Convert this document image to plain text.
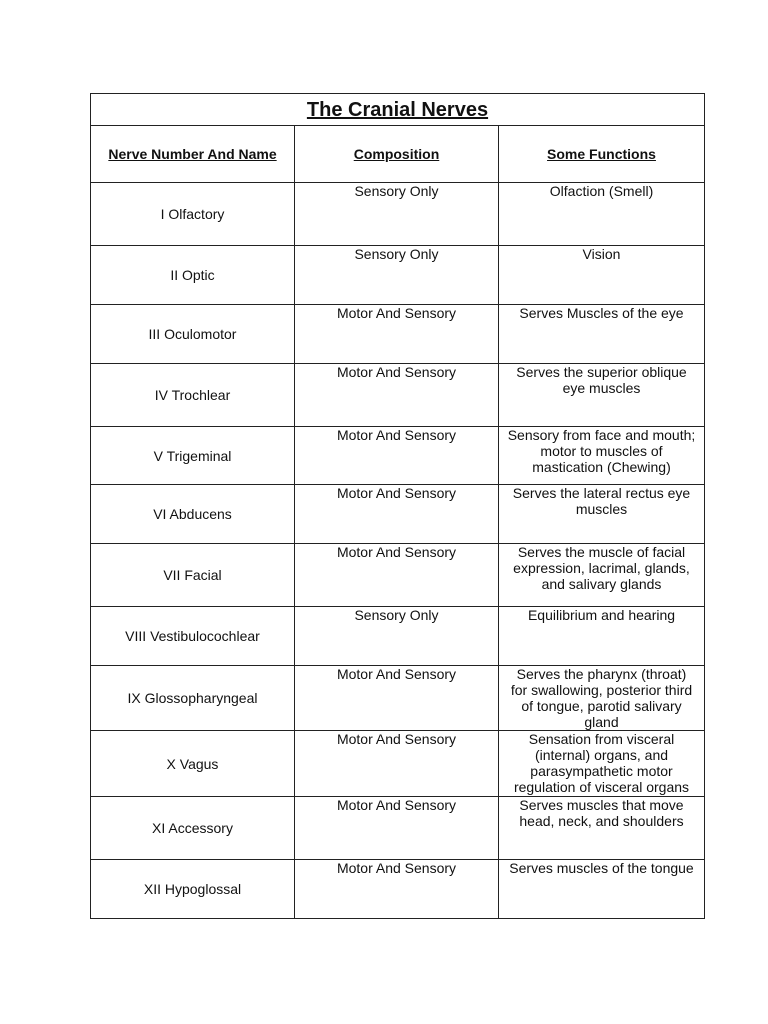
The Cranial Nerves		
Nerve Number And Name	Composition	Some Functions
I Olfactory	Sensory Only	Olfaction (Smell)

II Optic	Sensory Only	Vision

III Oculomotor	Motor And Sensory	Serves Muscles of the eye

IV Trochlear	Motor And Sensory	Serves the superior oblique eye muscles

V Trigeminal	Motor And Sensory	Sensory from face and mouth; motor to muscles of mastication (Chewing)

VI Abducens	Motor And Sensory	Serves the lateral rectus eye muscles

VII Facial	Motor And Sensory	Serves the muscle of facial expression, lacrimal, glands, and salivary glands

VIII Vestibulocochlear	Sensory Only	Equilibrium and hearing

IX Glossopharyngeal	Motor And Sensory	Serves the pharynx (throat) for swallowing, posterior third of tongue, parotid salivary gland

X Vagus	Motor And Sensory	Sensation from visceral (internal) organs, and parasympathetic motor regulation of visceral organs

XI Accessory	Motor And Sensory	Serves muscles that move head, neck, and shoulders

XII Hypoglossal	Motor And Sensory	Serves muscles of the tongue
